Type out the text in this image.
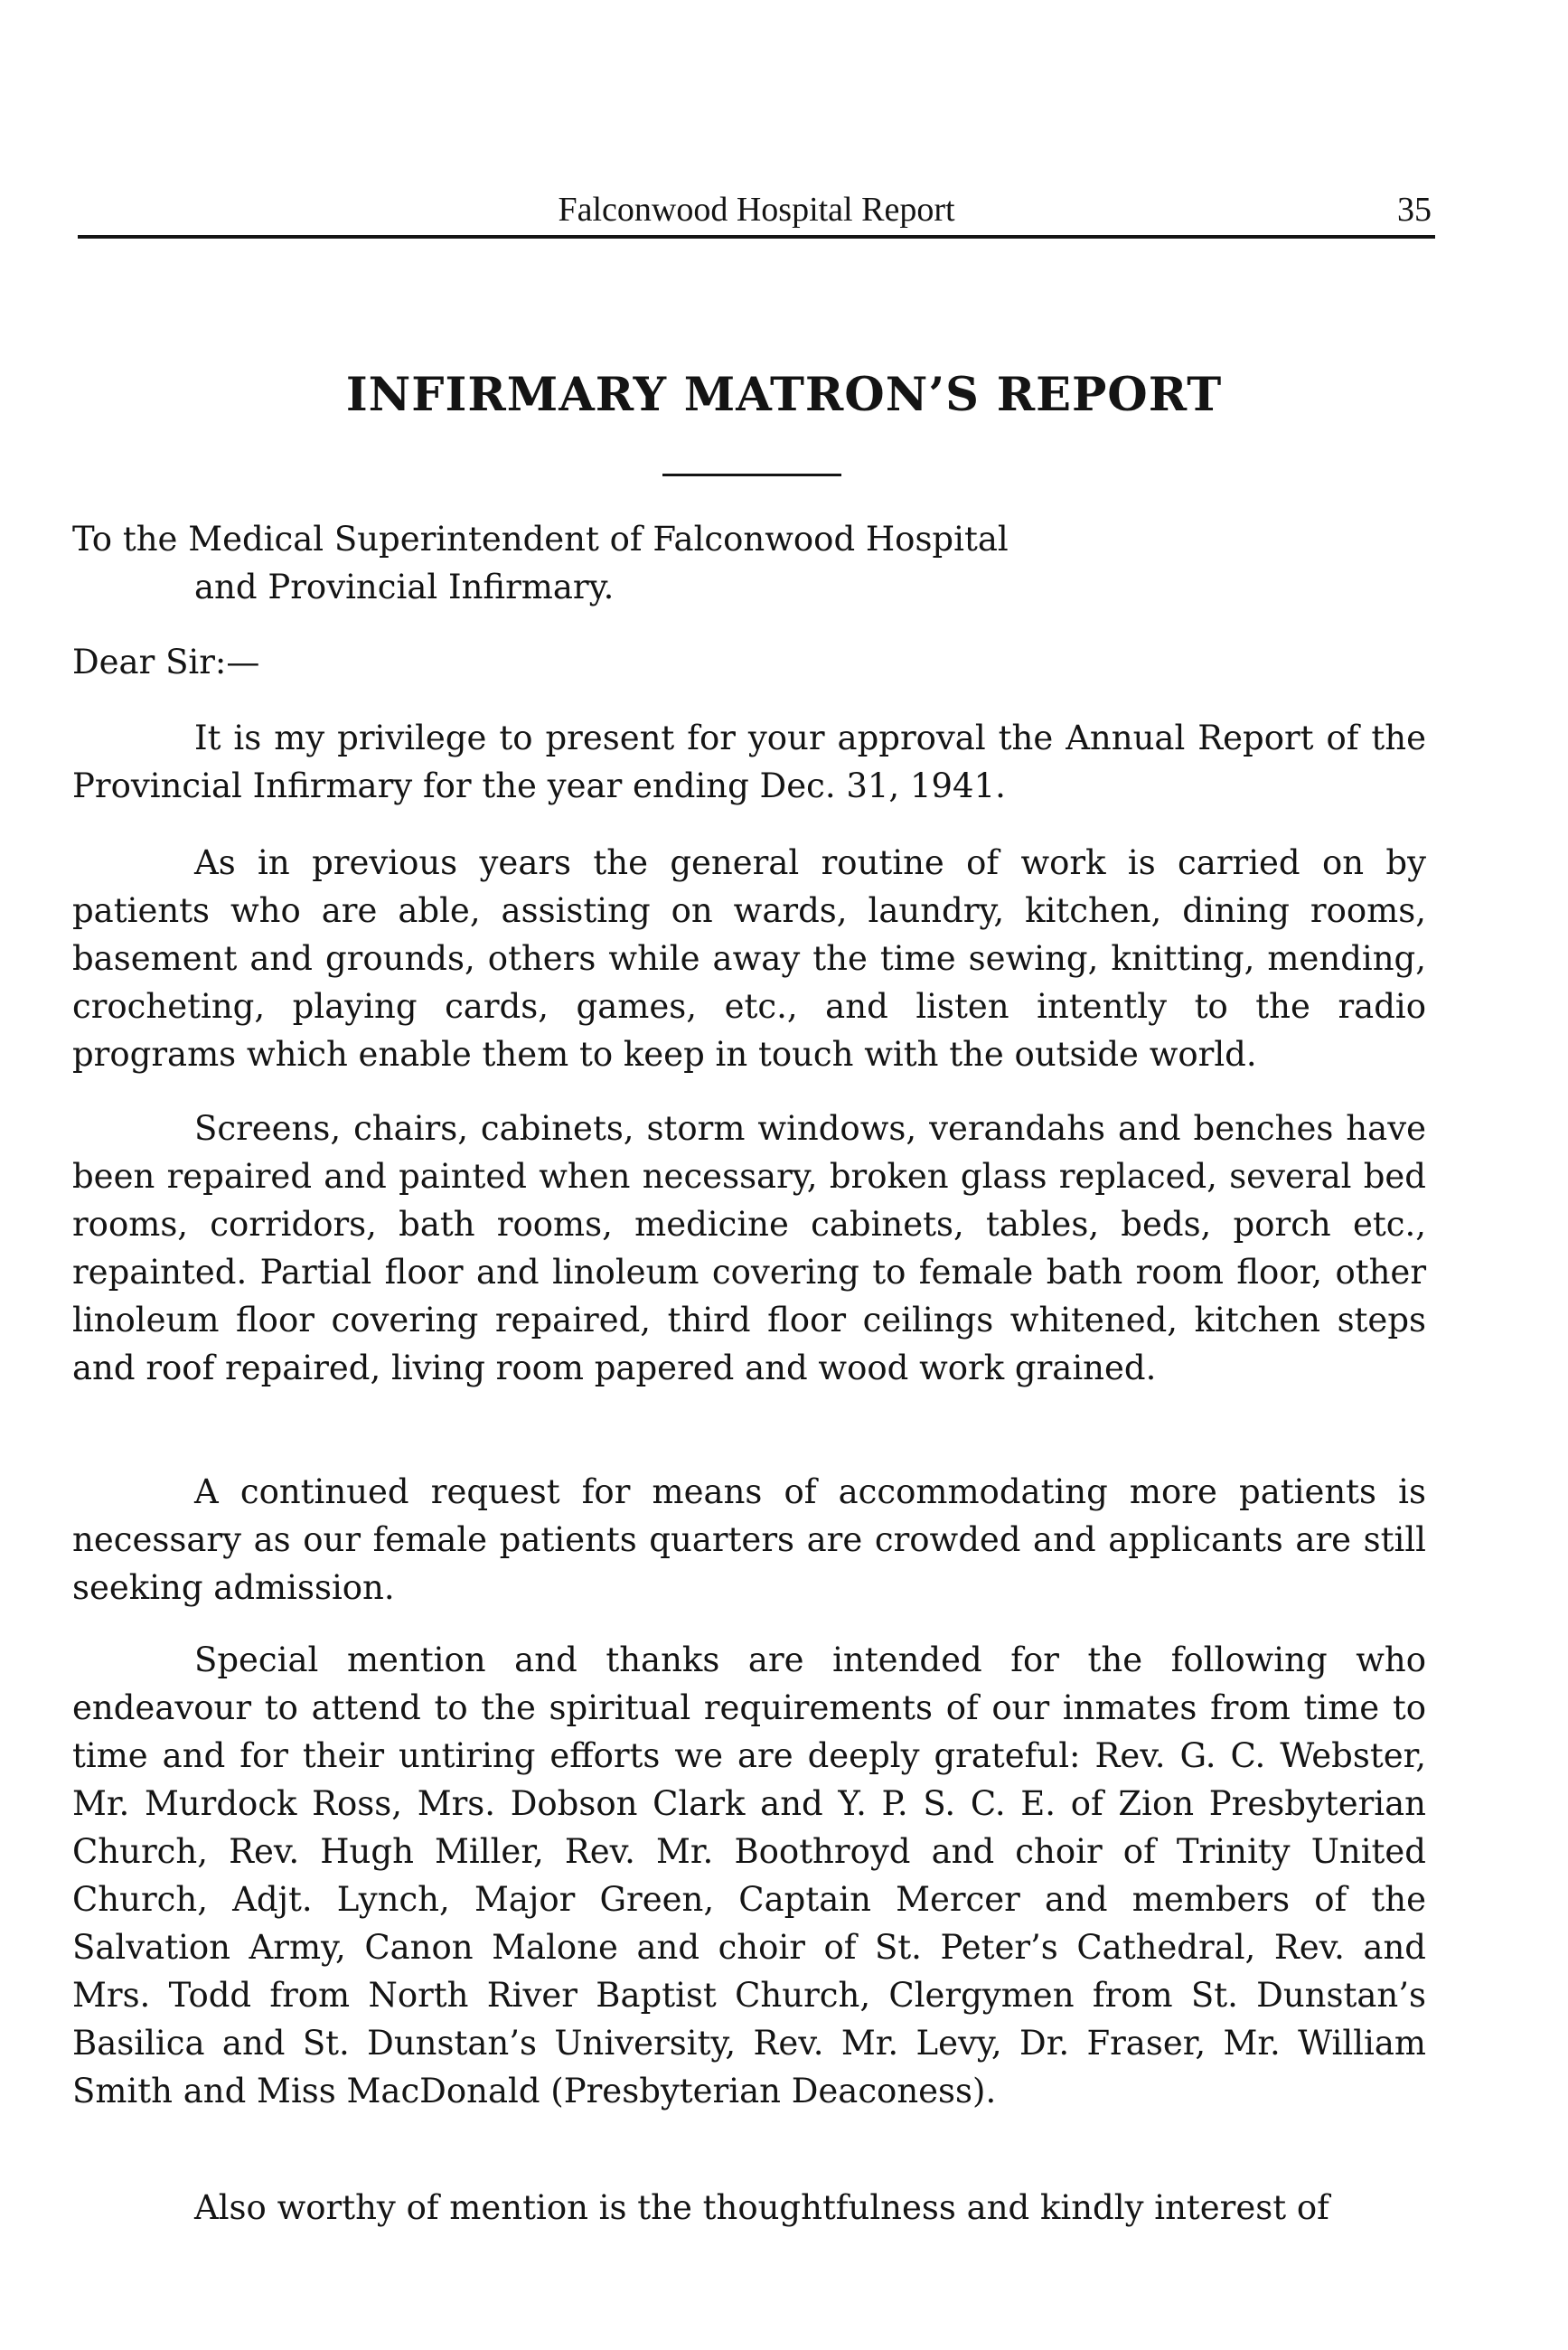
Falconwood Hospital Report	35
INFIRMARY MATRON’S REPORT
To the Medical Superintendent of Falconwood Hospital
and Provincial Infirmary.
Dear Sir:—

It is my privilege to present for your approval the Annual Report of the Provincial Infirmary for the year ending Dec. 31, 1941.

As in previous years the general routine of work is carried on by patients who are able, assisting on wards, laundry, kitchen, dining rooms, basement and grounds, others while away the time sewing, knitting, mending, crocheting, playing cards, games, etc., and listen intently to the radio programs which enable them to keep in touch with the outside world.

Screens, chairs, cabinets, storm windows, verandahs and benches have been repaired and painted when necessary, broken glass replaced, several bed rooms, corridors, bath rooms, medicine cabinets, tables, beds, porch etc., repainted. Partial floor and linoleum covering to female bath room floor, other linoleum floor covering repaired, third floor ceilings whitened, kitchen steps and roof repaired, living room papered and wood work grained.

A continued request for means of accommodating more patients is necessary as our female patients quarters are crowded and applicants are still seeking admission.

Special mention and thanks are intended for the following who endeavour to attend to the spiritual requirements of our inmates from time to time and for their untiring efforts we are deeply grateful: Rev. G. C. Webster, Mr. Murdock Ross, Mrs. Dobson Clark and Y. P. S. C. E. of Zion Presbyterian Church, Rev. Hugh Miller, Rev. Mr. Boothroyd and choir of Trinity United Church, Adjt. Lynch, Major Green, Captain Mercer and members of the Salvation Army, Canon Malone and choir of St. Peter’s Cathedral, Rev. and Mrs. Todd from North River Baptist Church, Clergymen from St. Dunstan’s Basilica and St. Dunstan’s University, Rev. Mr. Levy, Dr. Fraser, Mr. William Smith and Miss MacDonald (Presbyterian Deaconess).

Also worthy of mention is the thoughtfulness and kindly interest of
